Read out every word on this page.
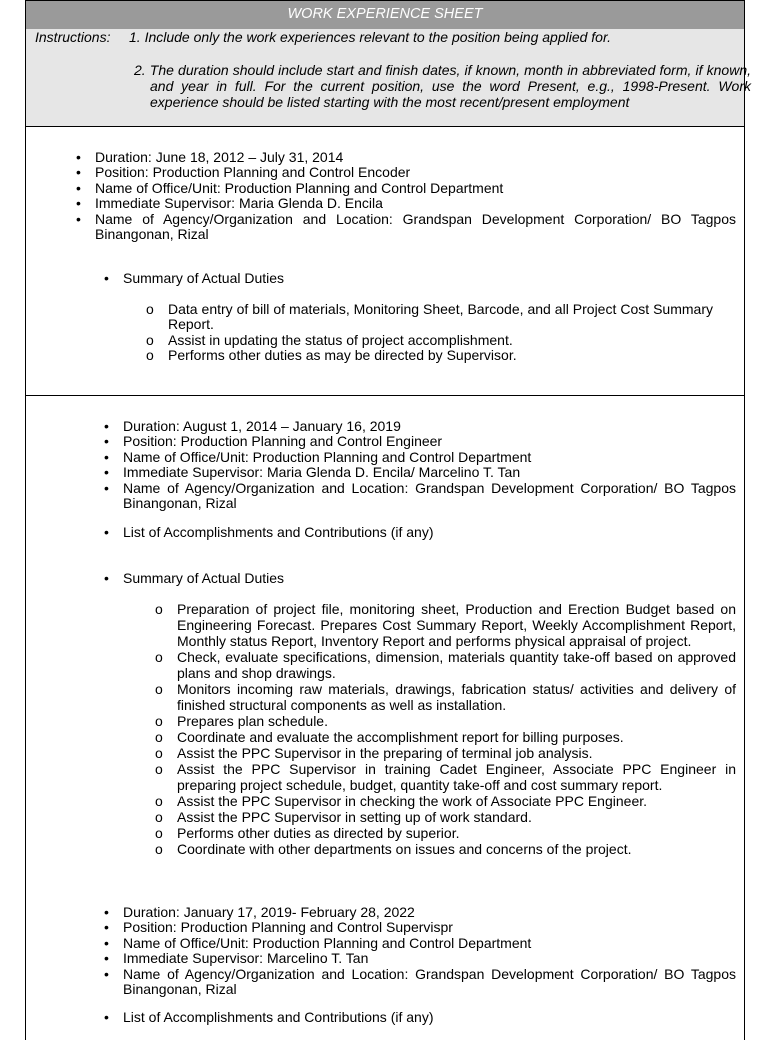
WORK EXPERIENCE SHEET
Instructions: 1. Include only the work experiences relevant to the position being applied for.
2. The duration should include start and finish dates, if known, month in abbreviated form, if known, and year in full. For the current position, use the word Present, e.g., 1998-Present. Work experience should be listed starting with the most recent/present employment
• Duration: June 18, 2012 – July 31, 2014
• Position: Production Planning and Control Encoder
• Name of Office/Unit: Production Planning and Control Department
• Immediate Supervisor: Maria Glenda D. Encila
• Name of Agency/Organization and Location: Grandspan Development Corporation/ BO Tagpos Binangonan, Rizal
• Summary of Actual Duties
o Data entry of bill of materials, Monitoring Sheet, Barcode, and all Project Cost Summary Report.
o Assist in updating the status of project accomplishment.
o Performs other duties as may be directed by Supervisor.
• Duration: August 1, 2014 – January 16, 2019
• Position: Production Planning and Control Engineer
• Name of Office/Unit: Production Planning and Control Department
• Immediate Supervisor: Maria Glenda D. Encila/ Marcelino T. Tan
• Name of Agency/Organization and Location: Grandspan Development Corporation/ BO Tagpos Binangonan, Rizal
• List of Accomplishments and Contributions (if any)
• Summary of Actual Duties
o Preparation of project file, monitoring sheet, Production and Erection Budget based on Engineering Forecast. Prepares Cost Summary Report, Weekly Accomplishment Report, Monthly status Report, Inventory Report and performs physical appraisal of project.
o Check, evaluate specifications, dimension, materials quantity take-off based on approved plans and shop drawings.
o Monitors incoming raw materials, drawings, fabrication status/ activities and delivery of finished structural components as well as installation.
o Prepares plan schedule.
o Coordinate and evaluate the accomplishment report for billing purposes.
o Assist the PPC Supervisor in the preparing of terminal job analysis.
o Assist the PPC Supervisor in training Cadet Engineer, Associate PPC Engineer in preparing project schedule, budget, quantity take-off and cost summary report.
o Assist the PPC Supervisor in checking the work of Associate PPC Engineer.
o Assist the PPC Supervisor in setting up of work standard.
o Performs other duties as directed by superior.
o Coordinate with other departments on issues and concerns of the project.
• Duration: January 17, 2019- February 28, 2022
• Position: Production Planning and Control Supervispr
• Name of Office/Unit: Production Planning and Control Department
• Immediate Supervisor: Marcelino T. Tan
• Name of Agency/Organization and Location: Grandspan Development Corporation/ BO Tagpos Binangonan, Rizal
• List of Accomplishments and Contributions (if any)
